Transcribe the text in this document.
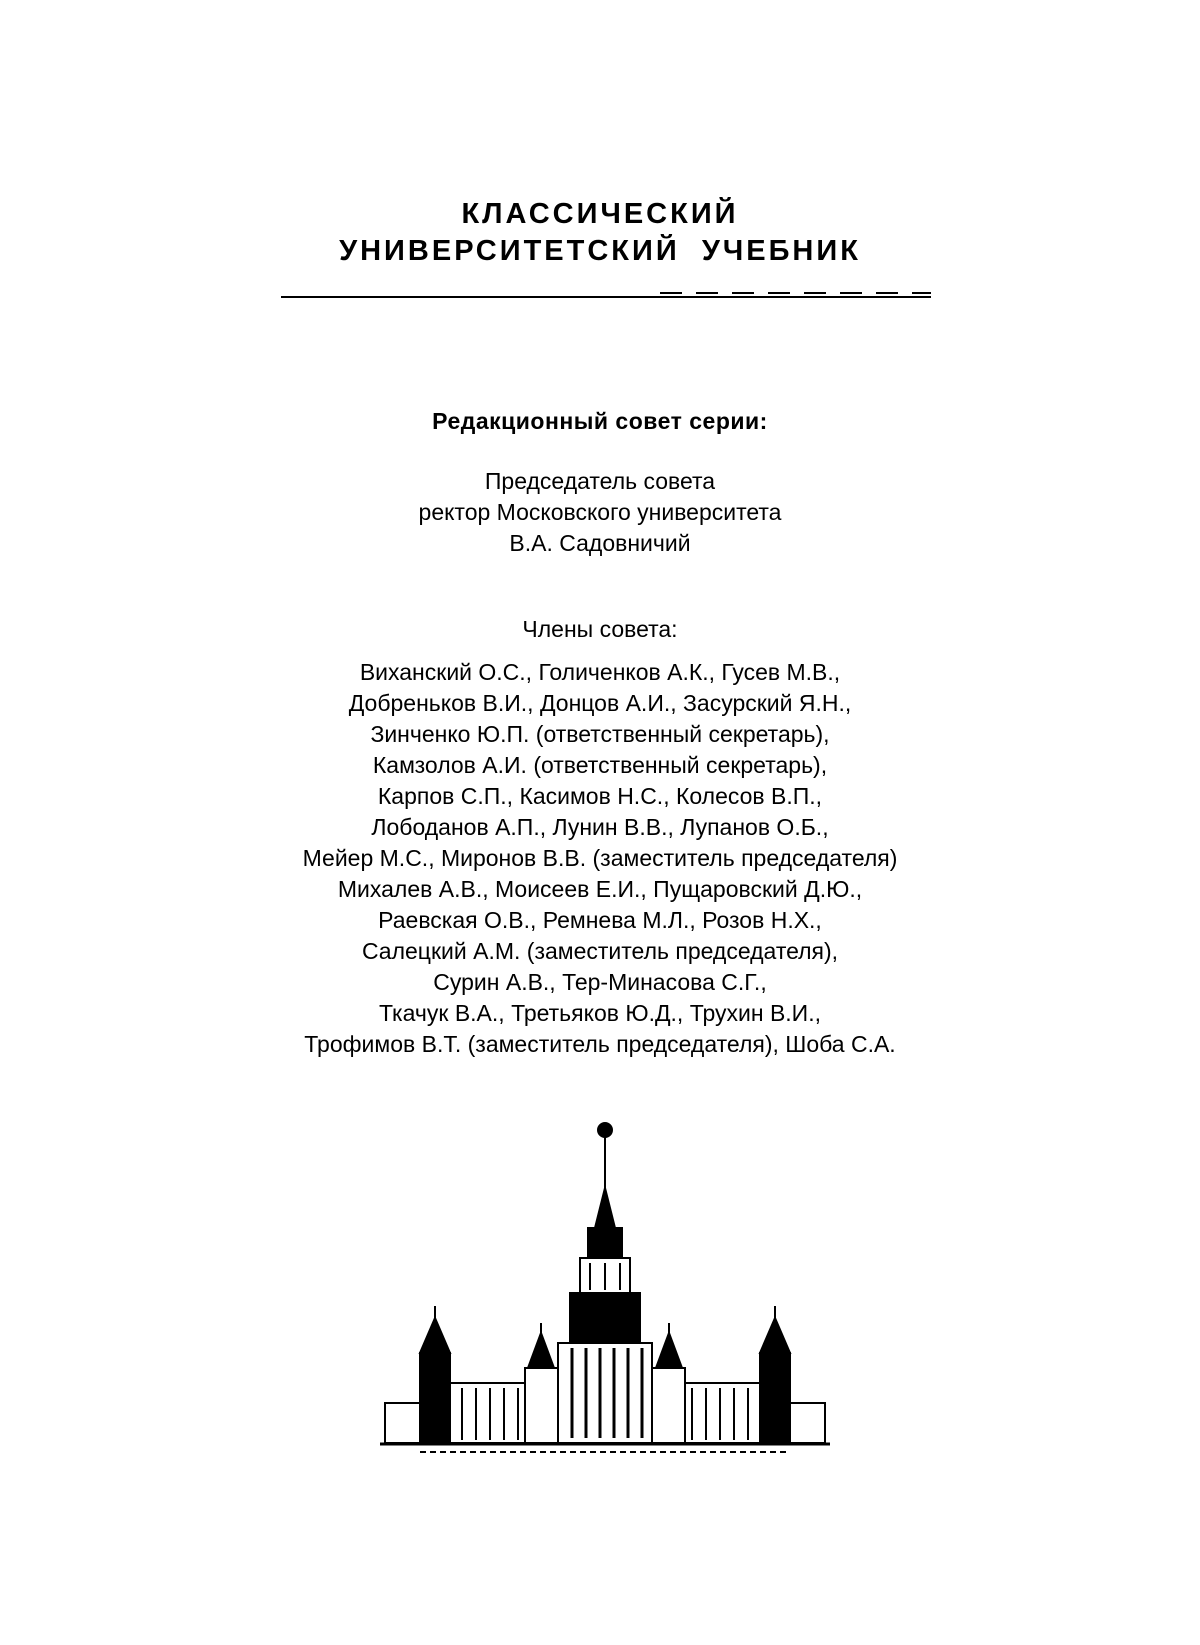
КЛАССИЧЕСКИЙ
УНИВЕРСИТЕТСКИЙ  УЧЕБНИК
Редакционный совет серии:
Председатель совета
ректор Московского университета
В.А. Садовничий
Члены совета:
Виханский О.С., Голиченков А.К., Гусев М.В.,
Добреньков В.И., Донцов А.И., Засурский Я.Н.,
Зинченко Ю.П. (ответственный секретарь),
Камзолов А.И. (ответственный секретарь),
Карпов С.П., Касимов Н.С., Колесов В.П.,
Лободанов А.П., Лунин В.В., Лупанов О.Б.,
Мейер М.С., Миронов В.В. (заместитель председателя)
Михалев А.В., Моисеев Е.И., Пущаровский Д.Ю.,
Раевская О.В., Ремнева М.Л., Розов Н.Х.,
Салецкий А.М. (заместитель председателя),
Сурин А.В., Тер-Минасова С.Г.,
Ткачук В.А., Третьяков Ю.Д., Трухин В.И.,
Трофимов В.Т. (заместитель председателя), Шоба С.А.
